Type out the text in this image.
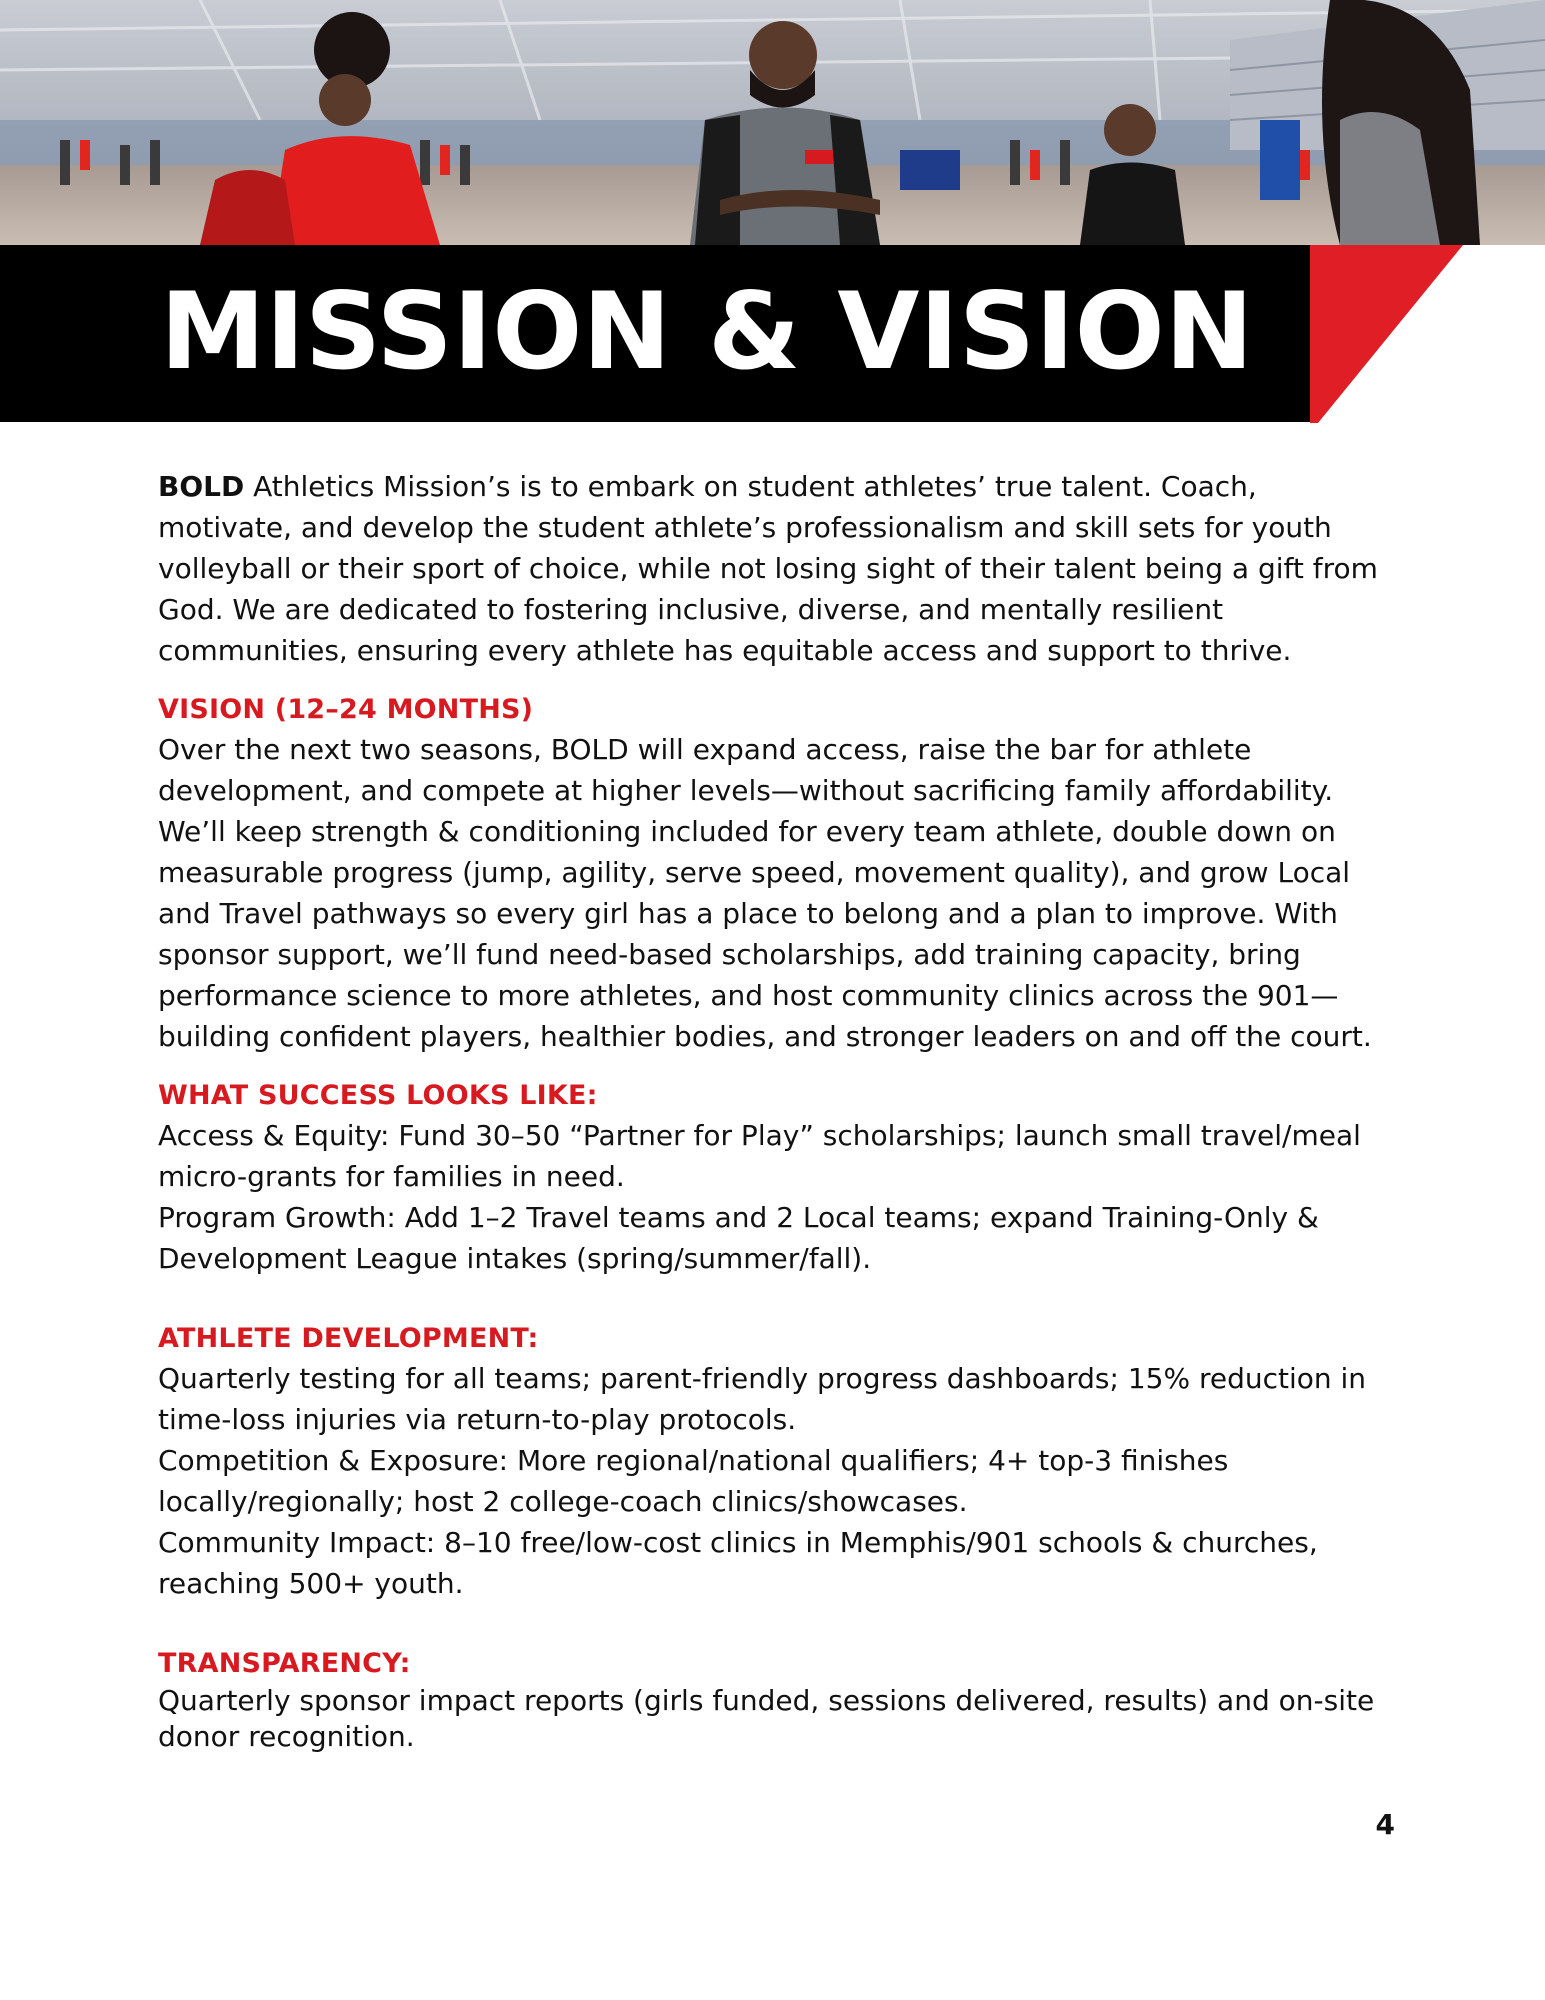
MISSION & VISION

BOLD Athletics Mission’s is to embark on student athletes’ true talent. Coach, motivate, and develop the student athlete’s professionalism and skill sets for youth volleyball or their sport of choice, while not losing sight of their talent being a gift from God. We are dedicated to fostering inclusive, diverse, and mentally resilient communities, ensuring every athlete has equitable access and support to thrive.

VISION (12–24 MONTHS)

Over the next two seasons, BOLD will expand access, raise the bar for athlete development, and compete at higher levels—without sacrificing family affordability. We’ll keep strength & conditioning included for every team athlete, double down on measurable progress (jump, agility, serve speed, movement quality), and grow Local and Travel pathways so every girl has a place to belong and a plan to improve. With sponsor support, we’ll fund need-based scholarships, add training capacity, bring performance science to more athletes, and host community clinics across the 901—building confident players, healthier bodies, and stronger leaders on and off the court.

WHAT SUCCESS LOOKS LIKE:

Access & Equity: Fund 30–50 “Partner for Play” scholarships; launch small travel/meal micro-grants for families in need.

Program Growth: Add 1–2 Travel teams and 2 Local teams; expand Training-Only & Development League intakes (spring/summer/fall).

ATHLETE DEVELOPMENT:

Quarterly testing for all teams; parent-friendly progress dashboards; 15% reduction in time-loss injuries via return-to-play protocols.

Competition & Exposure: More regional/national qualifiers; 4+ top-3 finishes locally/regionally; host 2 college-coach clinics/showcases.

Community Impact: 8–10 free/low-cost clinics in Memphis/901 schools & churches, reaching 500+ youth.

TRANSPARENCY:

Quarterly sponsor impact reports (girls funded, sessions delivered, results) and on-site donor recognition.

4
